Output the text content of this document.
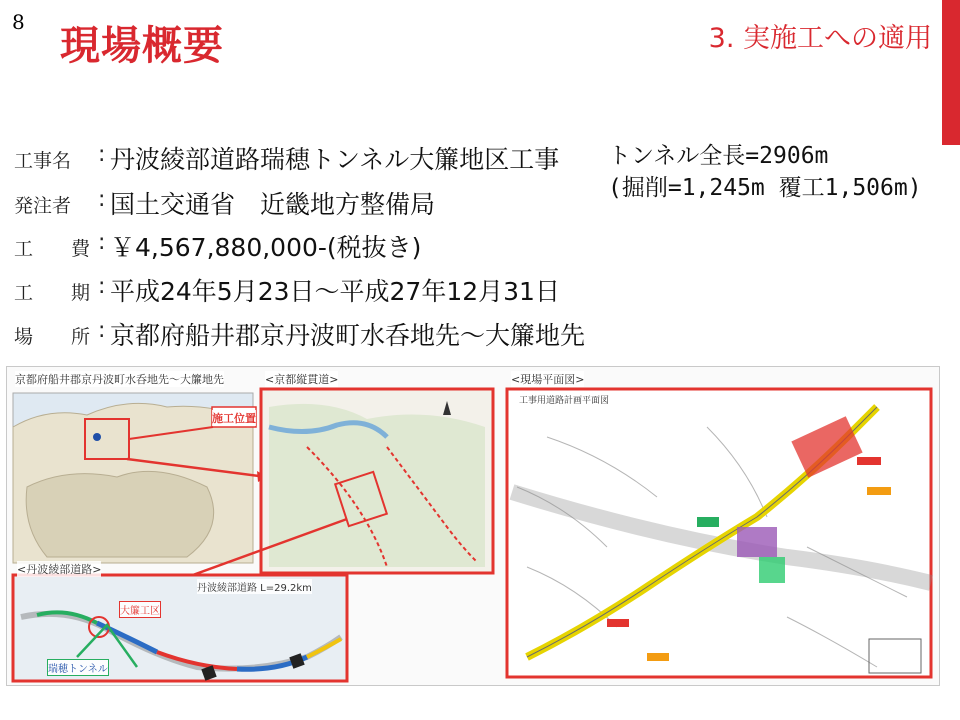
8
現場概要	3. 実施工への適用
工事名	: 丹波綾部道路瑞穂トンネル大簾地区工事
発注者	: 国土交通省　近畿地方整備局
工　　費 : ￥4,567,880,000-(税抜き)
工　　期 : 平成24年5月23日～平成27年12月31日
場　　所 : 京都府船井郡京丹波町水呑地先～大簾地先
トンネル全長=2906m
(掘削=1,245m 覆工1,506m)
京都府船井郡京丹波町水呑地先～大簾地先
施工位置
<京都縦貫道>	<現場平面図>
工事用道路計画平面図
<丹波綾部道路>
丹波綾部道路 L=29.2km
大簾工区
瑞穂トンネル
